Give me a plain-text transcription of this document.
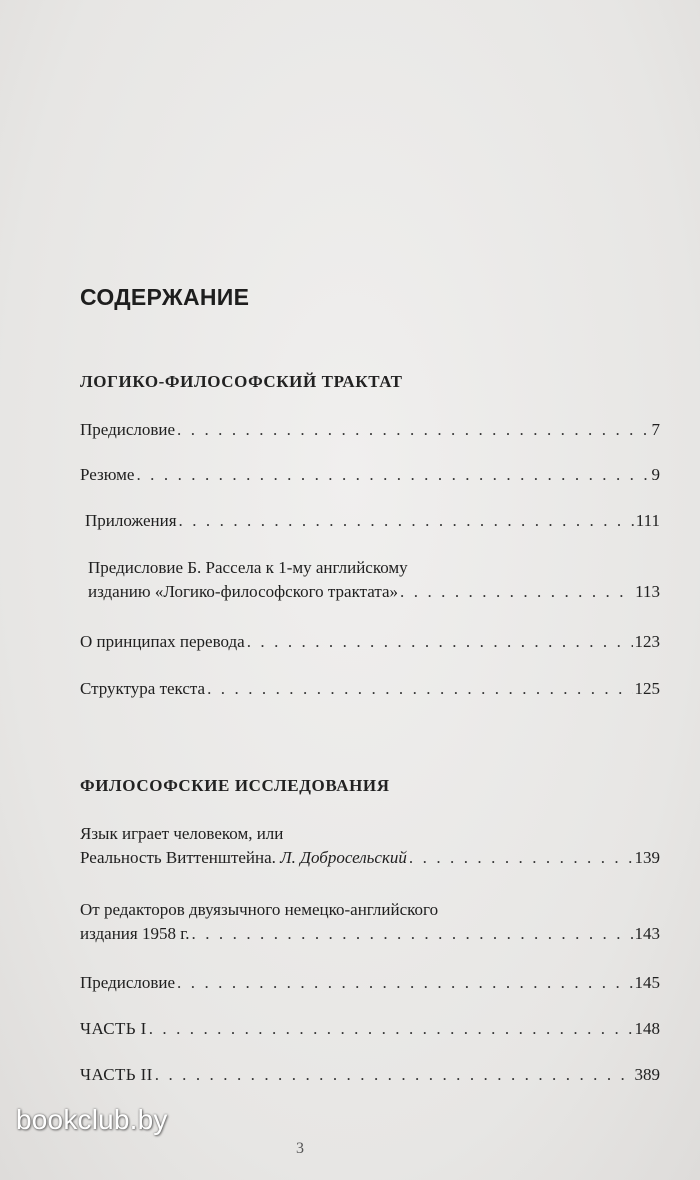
СОДЕРЖАНИЕ
ЛОГИКО-ФИЛОСОФСКИЙ ТРАКТАТ
Предисловие . . .	7
Резюме . . .	9
Приложения . . .	111
Предисловие Б. Рассела к 1-му английскому
изданию «Логико-философского трактата» . . .	113
О принципах перевода . . .	123
Структура текста . . .	125
ФИЛОСОФСКИЕ ИССЛЕДОВАНИЯ
Язык играет человеком, или
Реальность Виттенштейна. Л. Добросельский . . .	139
От редакторов двуязычного немецко-английского
издания 1958 г. . . .	143
Предисловие . . .	145
ЧАСТЬ I . . .	148
ЧАСТЬ II . . .	389
bookclub.by
3
